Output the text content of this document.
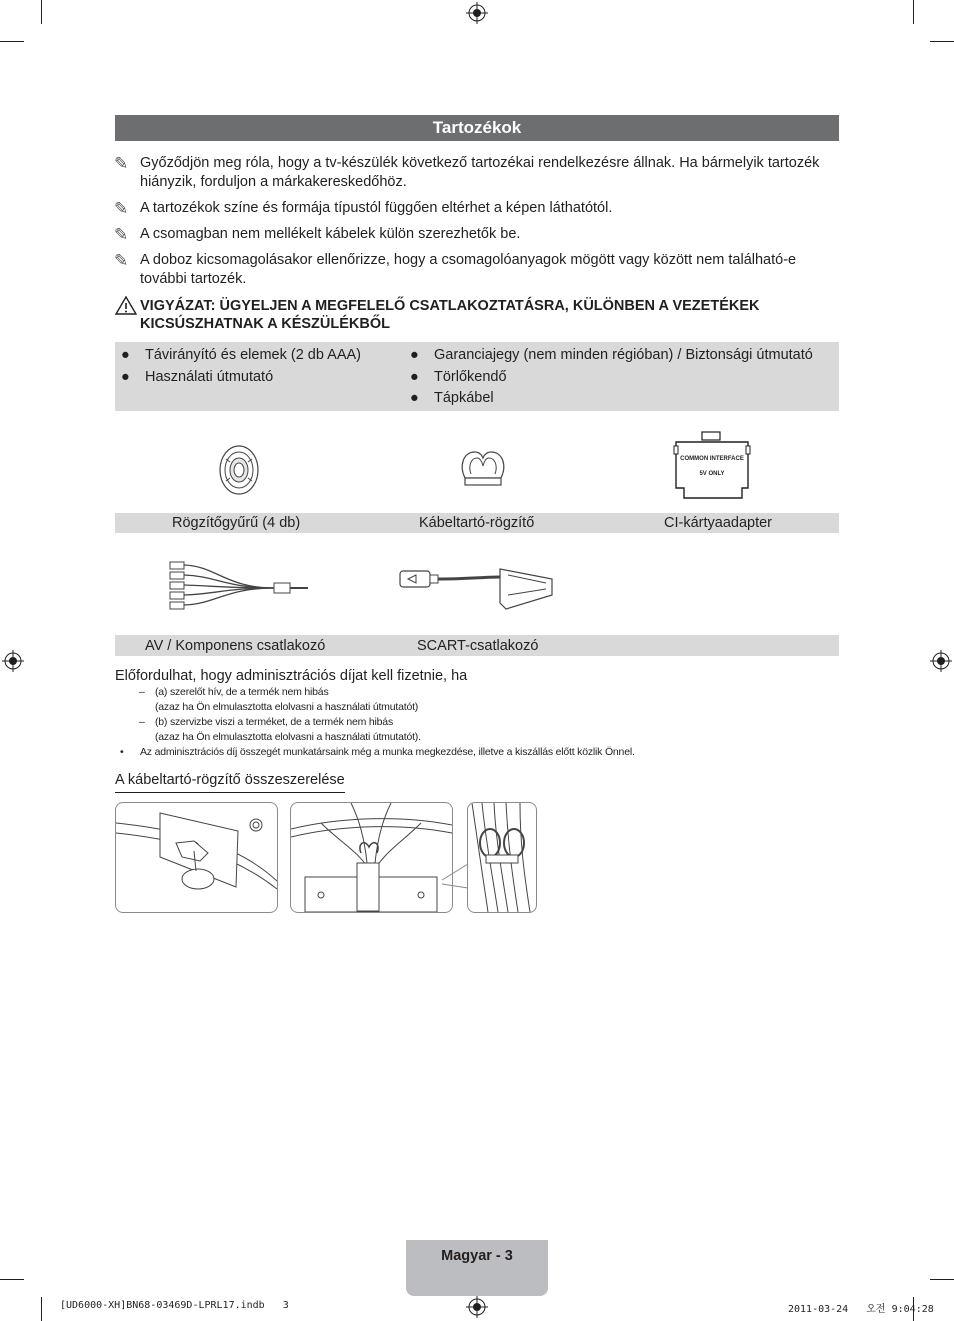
Tartozékok
✎ Győződjön meg róla, hogy a tv-készülék következő tartozékai rendelkezésre állnak. Ha bármelyik tartozék hiányzik, forduljon a márkakereskedőhöz.
✎ A tartozékok színe és formája típustól függően eltérhet a képen láthatótól.
✎ A csomagban nem mellékelt kábelek külön szerezhetők be.
✎ A doboz kicsomagolásakor ellenőrizze, hogy a csomagolóanyagok mögött vagy között nem található-e további tartozék.
VIGYÁZAT: ÜGYELJEN A MEGFELELŐ CSATLAKOZTATÁSRA, KÜLÖNBEN A VEZETÉKEK KICSÚSZHATNAK A KÉSZÜLÉKBŐL
● Távirányító és elemek (2 db AAA)
● Használati útmutató
● Garanciajegy (nem minden régióban) / Biztonsági útmutató
● Törlőkendő
● Tápkábel
COMMON INTERFACE
5V ONLY
Rögzítőgyűrű (4 db)	Kábeltartó-rögzítő	CI-kártyaadapter
AV / Komponens csatlakozó	SCART-csatlakozó
Előfordulhat, hogy adminisztrációs díjat kell fizetnie, ha
– (a) szerelőt hív, de a termék nem hibás
(azaz ha Ön elmulasztotta elolvasni a használati útmutatót)
– (b) szervizbe viszi a terméket, de a termék nem hibás
(azaz ha Ön elmulasztotta elolvasni a használati útmutatót).
• Az adminisztrációs díj összegét munkatársaink még a munka megkezdése, illetve a kiszállás előtt közlik Önnel.
A kábeltartó-rögzítő összeszerelése
Magyar - 3
[UD6000-XH]BN68-03469D-LPRL17.indb   3	2011-03-24   오전 9:04:28
